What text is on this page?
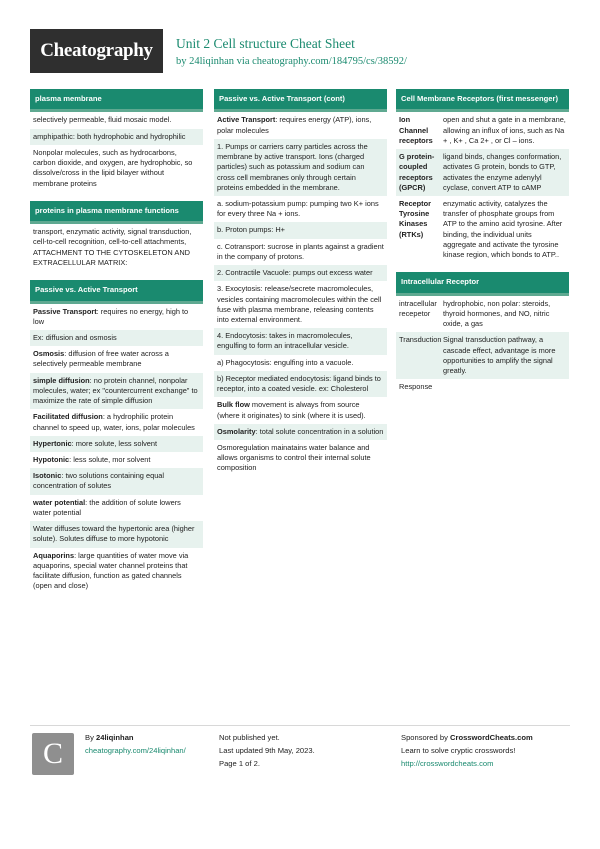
Cheatography	Unit 2 Cell structure Cheat Sheet
by 24liqinhan via cheatography.com/184795/cs/38592/
plasma membrane
selectively permeable, fluid mosaic model.
amphipathic: both hydrophobic and hydrophilic
Nonpolar molecules, such as hydrocarbons, carbon dioxide, and oxygen, are hydrophobic, so dissolve/cross in the lipid bilayer without membrane proteins
proteins in plasma membrane functions
transport, enzymatic activity, signal transduction, cell-to-cell recognition, cell-to-cell attachments, ATTACHMENT TO THE CYTOSKELETON AND EXTRACELLULAR MATRIX:
Passive vs. Active Transport
Passive Transport: requires no energy, high to low
Ex: diffusion and osmosis
Osmosis: diffusion of free water across a selectively permeable membrane
simple diffusion: no protein channel, nonpolar molecules, water; ex "countercurrent exchange" to maximize the rate of simple diffusion
Facilitated diffusion: a hydrophilic protein channel to speed up, water, ions, polar molecules
Hypertonic: more solute, less solvent
Hypotonic: less solute, mor solvent
Isotonic: two solutions containing equal concentration of solutes
water potential: the addition of solute lowers water potential
Water diffuses toward the hypertonic area (higher solute). Solutes diffuse to more hypotonic
Aquaporins: large quantities of water move via aquaporins, special water channel proteins that facilitate diffusion, function as gated channels (open and close)
Passive vs. Active Transport (cont)
Active Transport: requires energy (ATP), ions, polar molecules
1. Pumps or carriers carry particles across the membrane by active transport. Ions (charged particles) such as potassium and sodium can cross cell membranes only through certain proteins embedded in the membrane.
a. sodium-potassium pump: pumping two K+ ions for every three Na + ions.
b. Proton pumps: H+
c. Cotransport: sucrose in plants against a gradient in the company of protons.
2. Contractile Vacuole: pumps out excess water
3. Exocytosis: release/secrete macromolecules, vesicles containing macromolecules within the cell fuse with plasma membrane, releasing contents into external environment.
4. Endocytosis: takes in macromolecules, engulfing to form an intracellular vesicle.
a) Phagocytosis: engulfing into a vacuole.
b) Receptor mediated endocytosis: ligand binds to receptor, into a coated vesicle. ex: Cholesterol
Bulk flow movement is always from source (where it originates) to sink (where it is used).
Osmolarity: total solute concentration in a solution
Osmoregulation mainatains water balance and allows organisms to control their internal solute composition
Cell Membrane Receptors (first messenger)
Ion Channel receptors
open and shut a gate in a membrane, allowing an influx of ions, such as Na + , K+ , Ca 2+ , or Cl – ions.
G protein-coupled receptors (GPCR)
ligand binds, changes conformation, activates G protein, bonds to GTP, activates the enzyme adenylyl cyclase, convert ATP to cAMP
Receptor Tyrosine Kinases (RTKs)
enzymatic activity, catalyzes the transfer of phosphate groups from ATP to the amino acid tyrosine. After binding, the individual units aggregate and activate the tyrosine kinase region, which bonds to ATP..
Intracellular Receptor
intracellular recepetor
hydrophobic, non polar: steroids, thyroid hormones, and NO, nitric oxide, a gas
Transduction Signal transduction pathway, a cascade effect, advantage is more opportunities to amplify the signal greatly.
Response
C	By 24liqinhan
cheatography.com/24liqinhan/
Not published yet.
Last updated 9th May, 2023.
Page 1 of 2.
Sponsored by CrosswordCheats.com
Learn to solve cryptic crosswords!
http://crosswordcheats.com
